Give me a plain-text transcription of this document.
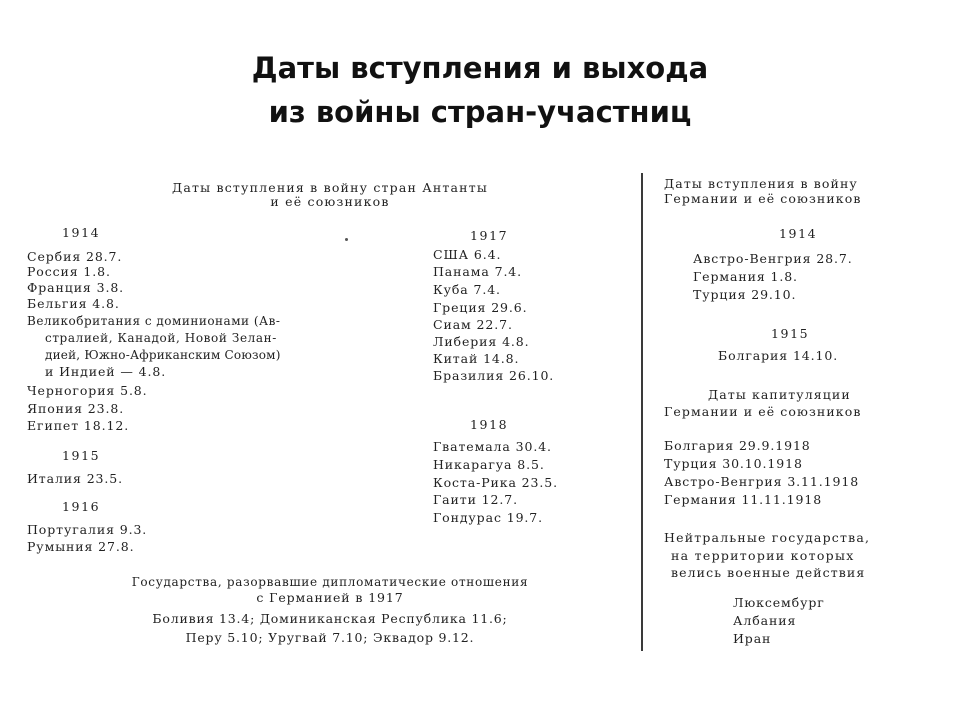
Даты вступления и выхода
из войны стран-участниц
Даты вступления в войну стран Антанты
и её союзников
1914
Сербия 28.7.
Россия 1.8.
Франция 3.8.
Бельгия 4.8.
Великобритания с доминионами (Ав-
стралией, Канадой, Новой Зелан-
дией, Южно-Африканским Союзом)
и Индией — 4.8.
Черногория 5.8.
Япония 23.8.
Египет 18.12.
1915
Италия 23.5.
1916
Португалия 9.3.
Румыния 27.8.
1917
США 6.4.
Панама 7.4.
Куба 7.4.
Греция 29.6.
Сиам 22.7.
Либерия 4.8.
Китай 14.8.
Бразилия 26.10.
1918
Гватемала 30.4.
Никарагуа 8.5.
Коста-Рика 23.5.
Гаити 12.7.
Гондурас 19.7.
Государства, разорвавшие дипломатические отношения
с Германией в 1917
Боливия 13.4; Доминиканская Республика 11.6;
Перу 5.10; Уругвай 7.10; Эквадор 9.12.
Даты вступления в войну
Германии и её союзников
1914
Австро-Венгрия 28.7.
Германия 1.8.
Турция 29.10.
1915
Болгария 14.10.
Даты капитуляции
Германии и её союзников
Болгария 29.9.1918
Турция 30.10.1918
Австро-Венгрия 3.11.1918
Германия 11.11.1918
Нейтральные государства,
на территории которых
велись военные действия
Люксембург
Албания
Иран
